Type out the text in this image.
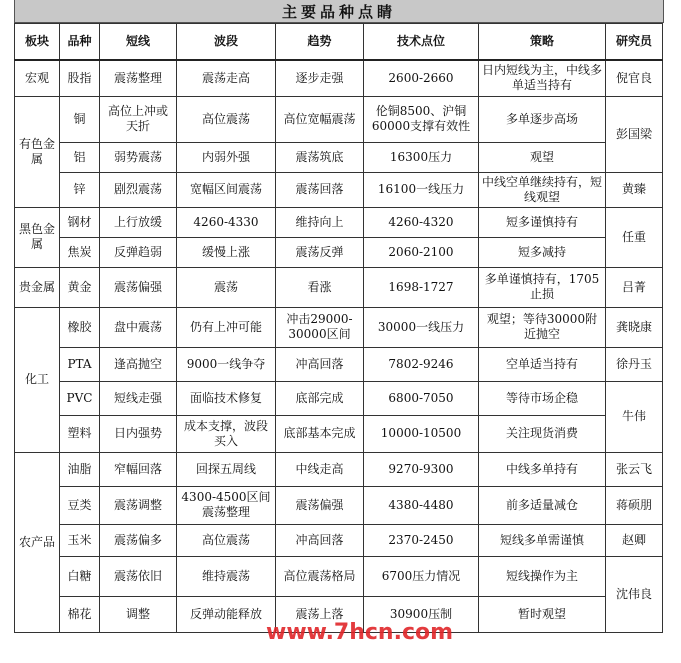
主要品种点睛
板块	品种	短线	波段	趋势	技术点位	策略	研究员
宏观	股指	震荡整理	震荡走高	逐步走强	2600-2660	日内短线为主，中线多单适当持有	倪官良
有色金属	铜	高位上冲或天折	高位震荡	高位宽幅震荡	伦铜8500、沪铜60000支撑有效性	多单逐步高场	彭国梁
	铝	弱势震荡	内弱外强	震荡筑底	16300压力	观望	
	锌	剧烈震荡	宽幅区间震荡	震荡回落	16100一线压力	中线空单继续持有，短线观望	黄臻
黑色金属	钢材	上行放缓	4260-4330	维持向上	4260-4320	短多谨慎持有	任重
	焦炭	反弹趋弱	缓慢上涨	震荡反弹	2060-2100	短多减持	
贵金属	黄金	震荡偏强	震荡	看涨	1698-1727	多单谨慎持有，1705止损	吕菁
化工	橡胶	盘中震荡	仍有上冲可能	冲击29000-30000区间	30000一线压力	观望；等待30000附近抛空	龚晓康
	PTA	逢高抛空	9000一线争夺	冲高回落	7802-9246	空单适当持有	徐丹玉
	PVC	短线走强	面临技术修复	底部完成	6800-7050	等待市场企稳	牛伟
	塑料	日内强势	成本支撑，波段买入	底部基本完成	10000-10500	关注现货消费	
农产品	油脂	窄幅回落	回探五周线	中线走高	9270-9300	中线多单持有	张云飞
	豆类	震荡调整	4300-4500区间震荡整理	震荡偏强	4380-4480	前多适量减仓	蒋硕朋
	玉米	震荡偏多	高位震荡	冲高回落	2370-2450	短线多单需谨慎	赵卿
	白糖	震荡依旧	维持震荡	高位震荡格局	6700压力情况	短线操作为主	沈伟良
	棉花	调整	反弹动能释放	震荡上落	30900压制	暂时观望	
www.7hcn.com
